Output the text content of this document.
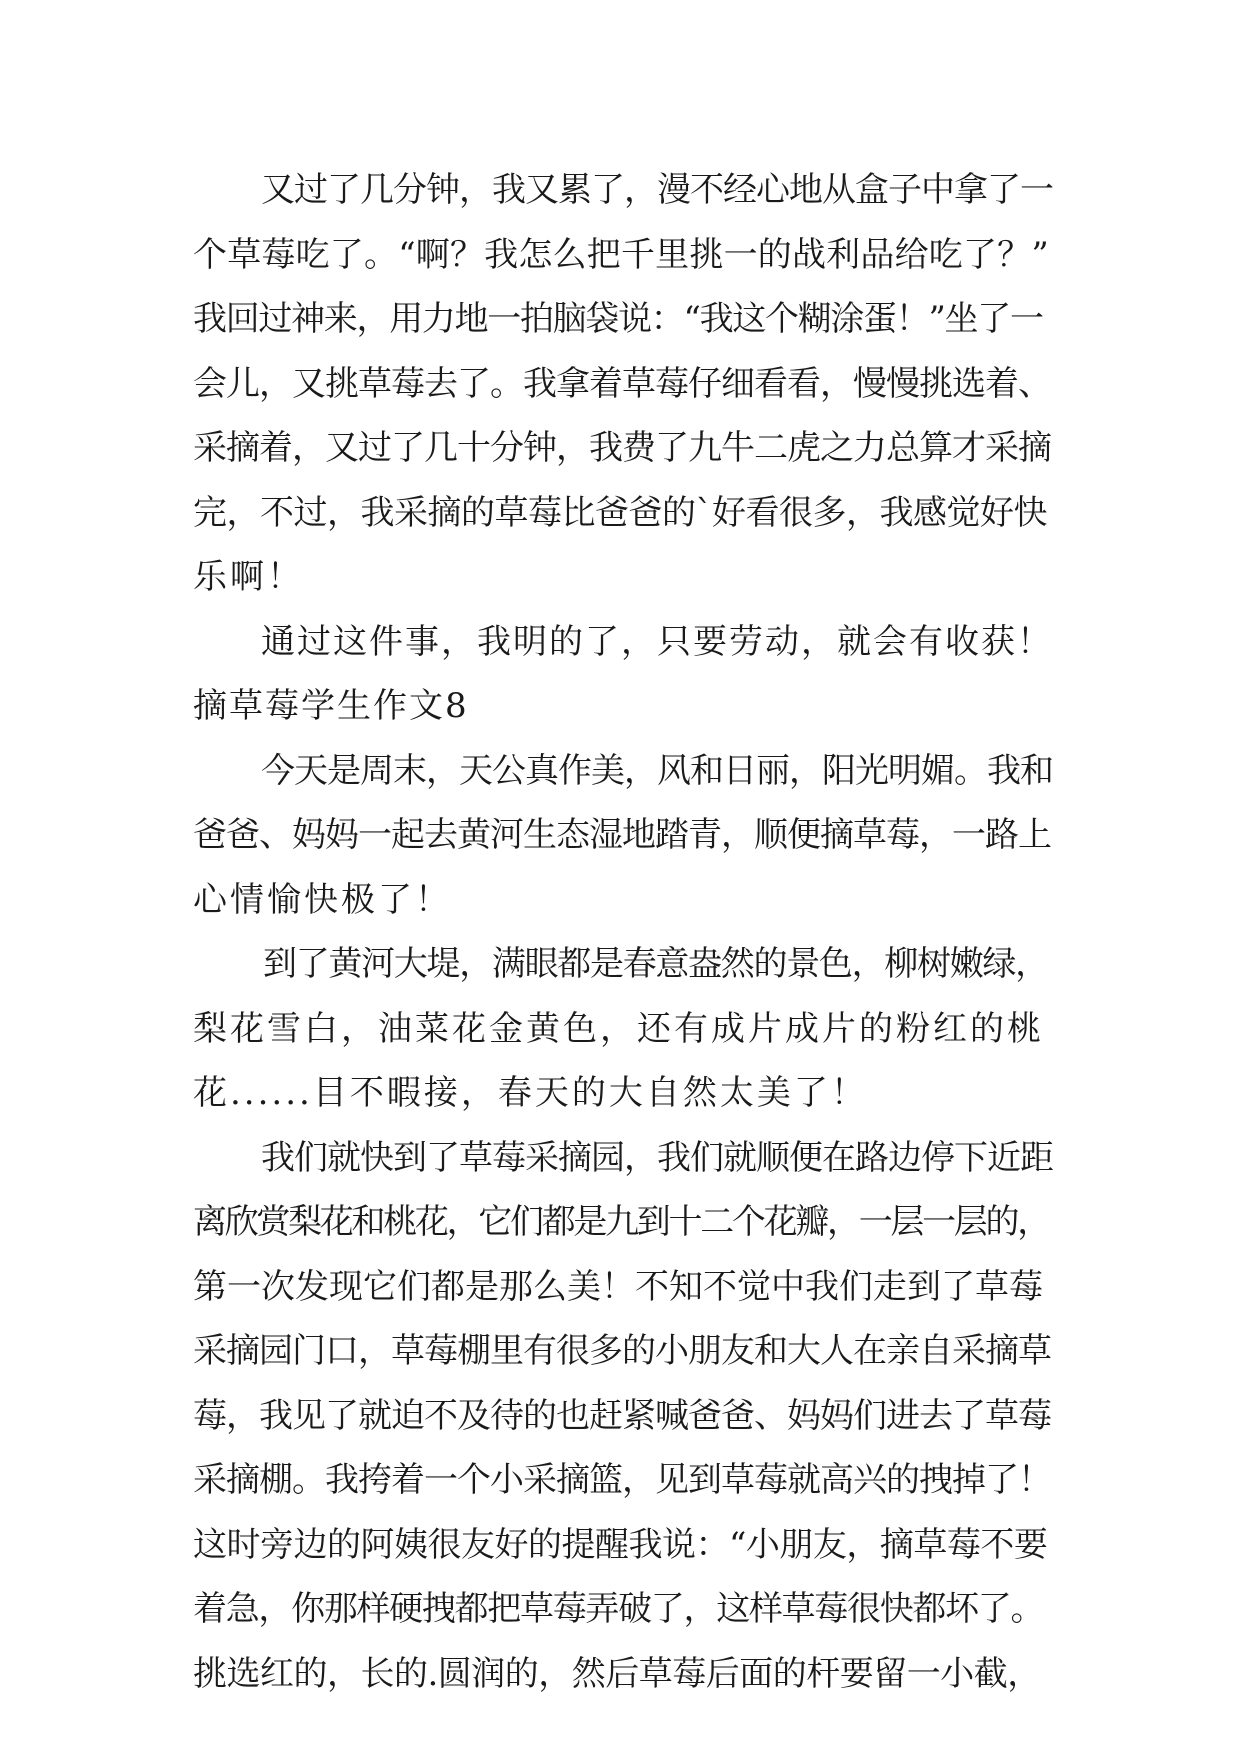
又过了几分钟，我又累了，漫不经心地从盒子中拿了一
个草莓吃了。“啊？我怎么把千里挑一的战利品给吃了？”
我回过神来，用力地一拍脑袋说：“我这个糊涂蛋！”坐了一
会儿，又挑草莓去了。我拿着草莓仔细看看，慢慢挑选着、
采摘着，又过了几十分钟，我费了九牛二虎之力总算才采摘
完，不过，我采摘的草莓比爸爸的`好看很多，我感觉好快
乐啊！
通过这件事，我明的了，只要劳动，就会有收获！
摘草莓学生作文8
今天是周末，天公真作美，风和日丽，阳光明媚。我和
爸爸、妈妈一起去黄河生态湿地踏青，顺便摘草莓，一路上
心情愉快极了！
到了黄河大堤，满眼都是春意盎然的景色，柳树嫩绿，
梨花雪白，油菜花金黄色，还有成片成片的粉红的桃
花......目不暇接，春天的大自然太美了！
我们就快到了草莓采摘园，我们就顺便在路边停下近距
离欣赏梨花和桃花，它们都是九到十二个花瓣，一层一层的，
第一次发现它们都是那么美！不知不觉中我们走到了草莓
采摘园门口，草莓棚里有很多的小朋友和大人在亲自采摘草
莓，我见了就迫不及待的也赶紧喊爸爸、妈妈们进去了草莓
采摘棚。我挎着一个小采摘篮，见到草莓就高兴的拽掉了！
这时旁边的阿姨很友好的提醒我说：“小朋友，摘草莓不要
着急，你那样硬拽都把草莓弄破了，这样草莓很快都坏了。
挑选红的，长的.圆润的，然后草莓后面的杆要留一小截，
